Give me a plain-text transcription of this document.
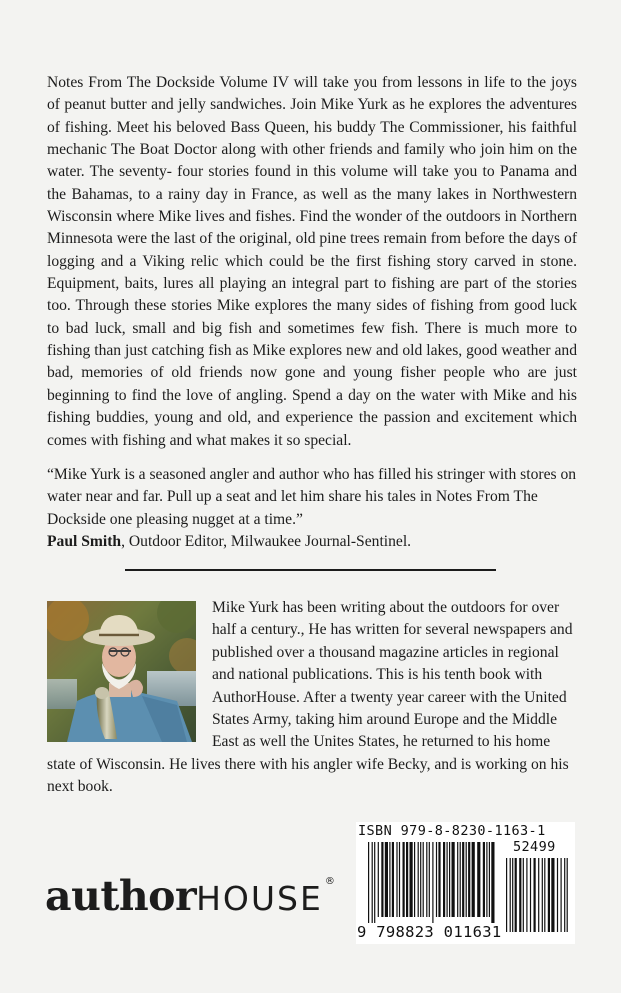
Notes From The Dockside Volume IV will take you from lessons in life to the joys of peanut butter and jelly sandwiches. Join Mike Yurk as he explores the adventures of fishing. Meet his beloved Bass Queen, his buddy The Commissioner, his faithful mechanic The Boat Doctor along with other friends and family who join him on the water. The seventy- four stories found in this volume will take you to Panama and the Bahamas, to a rainy day in France, as well as the many lakes in Northwestern Wisconsin where Mike lives and fishes. Find the wonder of the outdoors in Northern Minnesota were the last of the original, old pine trees remain from before the days of logging and a Viking relic which could be the first fishing story carved in stone. Equipment, baits, lures all playing an integral part to fishing are part of the stories too. Through these stories Mike explores the many sides of fishing from good luck to bad luck, small and big fish and sometimes few fish. There is much more to fishing than just catching fish as Mike explores new and old lakes, good weather and bad, memories of old friends now gone and young fisher people who are just beginning to find the love of angling. Spend a day on the water with Mike and his fishing buddies, young and old, and experience the passion and excitement which comes with fishing and what makes it so special.

“Mike Yurk is a seasoned angler and author who has filled his stringer with stores on water near and far. Pull up a seat and let him share his tales in Notes From The Dockside one pleasing nugget at a time.”
Paul Smith, Outdoor Editor, Milwaukee Journal-Sentinel.

Mike Yurk has been writing about the outdoors for over half a century., He has written for several newspapers and published over a thousand magazine articles in regional and national publications. This is his tenth book with AuthorHouse. After a twenty year career with the United States Army, taking him around Europe and the Middle East as well the Unites States, he returned to his home state of Wisconsin. He lives there with his angler wife Becky, and is working on his next book.

ISBN 979-8-8230-1163-1
52499
9 798823 011631
authorHOUSE ®
